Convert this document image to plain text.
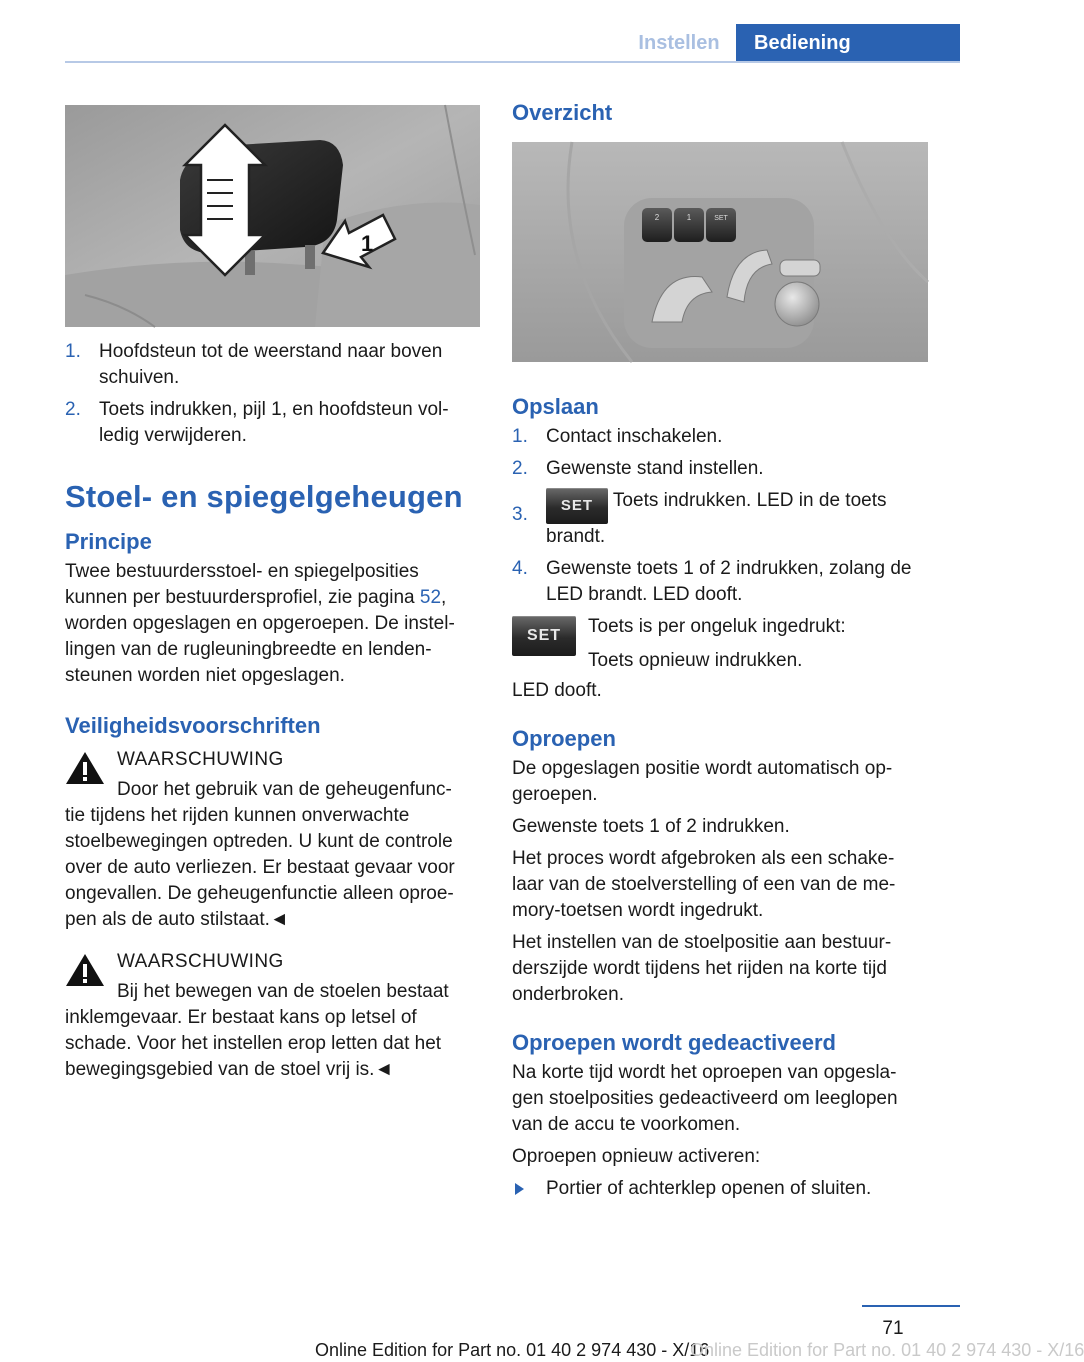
Instellen	Bediening
1
1. Hoofdsteun tot de weerstand naar boven schuiven.
2. Toets indrukken, pijl 1, en hoofdsteun vol- ledig verwijderen.
Stoel- en spiegelgeheugen
Principe
Twee bestuurdersstoel- en spiegelposities kunnen per bestuurdersprofiel, zie pagina 52, worden opgeslagen en opgeroepen. De instel- lingen van de rugleuningbreedte en lenden- steunen worden niet opgeslagen.
Veiligheidsvoorschriften
WAARSCHUWING
Door het gebruik van de geheugenfunc-
tie tijdens het rijden kunnen onverwachte stoelbewegingen optreden. U kunt de controle over de auto verliezen. Er bestaat gevaar voor ongevallen. De geheugenfunctie alleen oproe- pen als de auto stilstaat.◄
WAARSCHUWING
Bij het bewegen van de stoelen bestaat
inklemgevaar. Er bestaat kans op letsel of schade. Voor het instellen erop letten dat het bewegingsgebied van de stoel vrij is.◄
Overzicht
2	1	SET
Opslaan
1. Contact inschakelen.
2. Gewenste stand instellen.
3. SET Toets indrukken. LED in de toets brandt.
4. Gewenste toets 1 of 2 indrukken, zolang de LED brandt. LED dooft.
SET	Toets is per ongeluk ingedrukt:
Toets opnieuw indrukken.
LED dooft.
Oproepen
De opgeslagen positie wordt automatisch op- geroepen.
Gewenste toets 1 of 2 indrukken.
Het proces wordt afgebroken als een schake- laar van de stoelverstelling of een van de me- mory-toetsen wordt ingedrukt.
Het instellen van de stoelpositie aan bestuur- derszijde wordt tijdens het rijden na korte tijd onderbroken.
Oproepen wordt gedeactiveerd
Na korte tijd wordt het oproepen van opgesla- gen stoelposities gedeactiveerd om leeglopen van de accu te voorkomen.
Oproepen opnieuw activeren:
Portier of achterklep openen of sluiten.
71
Online Edition for Part no. 01 40 2 974 430 - X/16
Online Edition for Part no. 01 40 2 974 430 - X/16
